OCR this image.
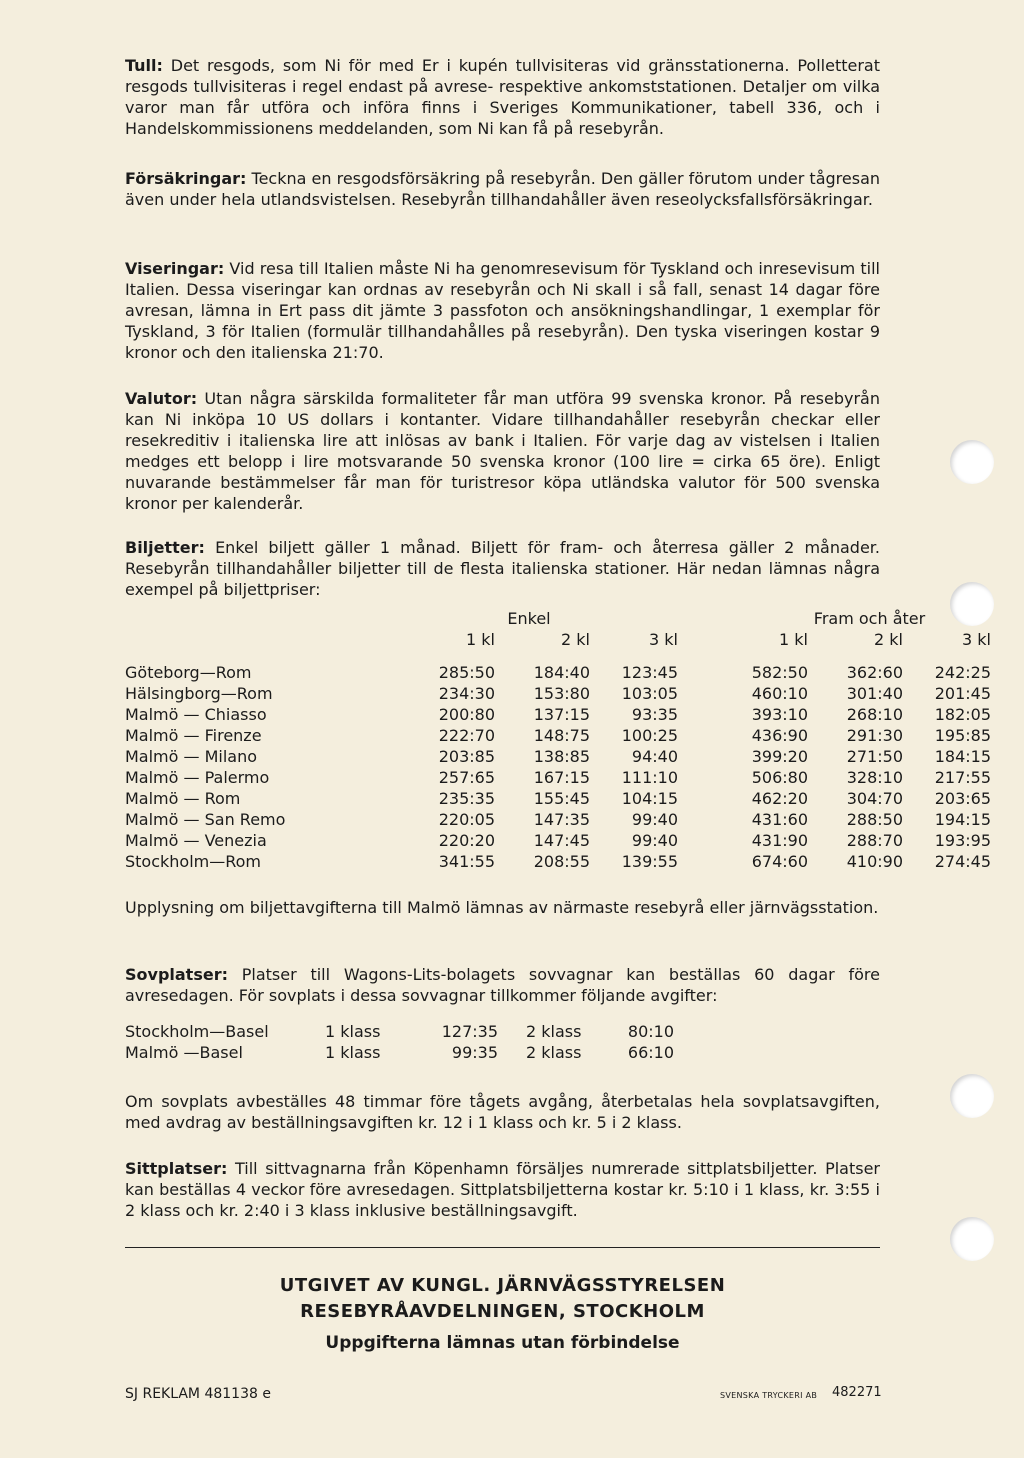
Tull: Det resgods, som Ni för med Er i kupén tullvisiteras vid gränsstationerna. Polletterat resgods tullvisiteras i regel endast på avrese- respektive ankomststationen. Detaljer om vilka varor man får utföra och införa finns i Sveriges Kommunikationer, tabell 336, och i Handelskommissionens meddelanden, som Ni kan få på resebyrån.

Försäkringar: Teckna en resgodsförsäkring på resebyrån. Den gäller förutom under tågresan även under hela utlandsvistelsen. Resebyrån tillhandahåller även reseolycksfallsförsäkringar.

Viseringar: Vid resa till Italien måste Ni ha genomresevisum för Tyskland och inresevisum till Italien. Dessa viseringar kan ordnas av resebyrån och Ni skall i så fall, senast 14 dagar före avresan, lämna in Ert pass dit jämte 3 passfoton och ansökningshandlingar, 1 exemplar för Tyskland, 3 för Italien (formulär tillhandahålles på resebyrån). Den tyska viseringen kostar 9 kronor och den italienska 21:70.

Valutor: Utan några särskilda formaliteter får man utföra 99 svenska kronor. På resebyrån kan Ni inköpa 10 US dollars i kontanter. Vidare tillhandahåller resebyrån checkar eller resekreditiv i italienska lire att inlösas av bank i Italien. För varje dag av vistelsen i Italien medges ett belopp i lire motsvarande 50 svenska kronor (100 lire = cirka 65 öre). Enligt nuvarande bestämmelser får man för turistresor köpa utländska valutor för 500 svenska kronor per kalenderår.

Biljetter: Enkel biljett gäller 1 månad. Biljett för fram- och återresa gäller 2 månader. Resebyrån tillhandahåller biljetter till de flesta italienska stationer. Här nedan lämnas några exempel på biljettpriser:

	Enkel			Fram och åter		
	1 kl	2 kl	3 kl	1 kl	2 kl	3 kl

Göteborg—Rom	285:50	184:40	123:45	582:50	362:60	242:25
Hälsingborg—Rom	234:30	153:80	103:05	460:10	301:40	201:45
Malmö — Chiasso	200:80	137:15	93:35	393:10	268:10	182:05
Malmö — Firenze	222:70	148:75	100:25	436:90	291:30	195:85
Malmö — Milano	203:85	138:85	94:40	399:20	271:50	184:15
Malmö — Palermo	257:65	167:15	111:10	506:80	328:10	217:55
Malmö — Rom	235:35	155:45	104:15	462:20	304:70	203:65
Malmö — San Remo	220:05	147:35	99:40	431:60	288:50	194:15
Malmö — Venezia	220:20	147:45	99:40	431:90	288:70	193:95
Stockholm—Rom	341:55	208:55	139:55	674:60	410:90	274:45

Upplysning om biljettavgifterna till Malmö lämnas av närmaste resebyrå eller järnvägsstation.

Sovplatser: Platser till Wagons-Lits-bolagets sovvagnar kan beställas 60 dagar före avresedagen. För sovplats i dessa sovvagnar tillkommer följande avgifter:

Stockholm—Basel	1 klass	127:35	2 klass	80:10
Malmö —Basel	1 klass	99:35	2 klass	66:10

Om sovplats avbeställes 48 timmar före tågets avgång, återbetalas hela sovplatsavgiften, med avdrag av beställningsavgiften kr. 12 i 1 klass och kr. 5 i 2 klass.

Sittplatser: Till sittvagnarna från Köpenhamn försäljes numrerade sittplatsbiljetter. Platser kan beställas 4 veckor före avresedagen. Sittplatsbiljetterna kostar kr. 5:10 i 1 klass, kr. 3:55 i 2 klass och kr. 2:40 i 3 klass inklusive beställningsavgift.

UTGIVET AV KUNGL. JÄRNVÄGSSTYRELSEN

RESEBYRÅAVDELNINGEN, STOCKHOLM

Uppgifterna lämnas utan förbindelse

SJ REKLAM 481138 e	SVENSKA TRYCKERI AB 482271
